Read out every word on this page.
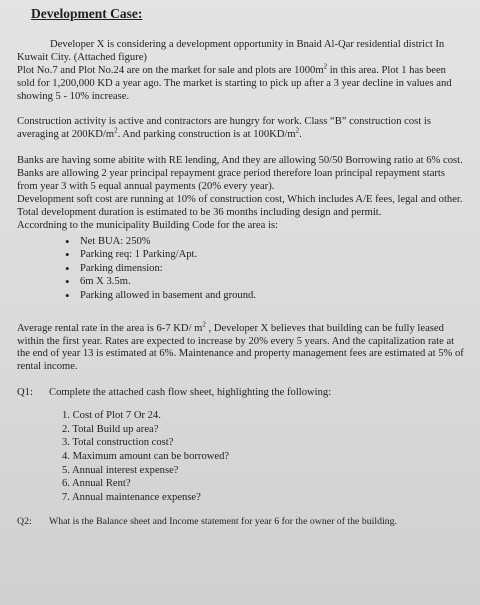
Development Case:

Developer X is considering a development opportunity in Bnaid Al-Qar residential district In Kuwait City. (Attached figure)

Plot No.7 and Plot No.24 are on the market for sale and plots are $1000m^2$ in this area. Plot 1 has been sold for 1,200,000 KD a year ago. The market is starting to pick up after a 3 year decline in values and showing 5 - 10% increase.

Construction activity is active and contractors are hungry for work. Class “B” construction cost is averaging at $200KD/m^2$. And parking construction is at $100KD/m^2$.

Banks are having some abitite with RE lending, And they are allowing 50/50 Borrowing ratio at 6% cost. Banks are allowing 2 year principal repayment grace period therefore loan principal repayment starts from year 3 with 5 equal annual payments (20% every year).

Development soft cost are running at 10% of construction cost, Which includes A/E fees, legal and other. Total development duration is estimated to be 36 months including design and permit.

Accordning to the municipality Building Code for the area is:

• Net BUA: 250%
• Parking req: 1 Parking/Apt.
• Parking dimension:
• 6m X 3.5m.
• Parking allowed in basement and ground.

Average rental rate in the area is 6-7 KD/ $m^2$ , Developer X believes that building can be fully leased within the first year. Rates are expected to increase by 20% every 5 years. And the capitalization rate at the end of year 13 is estimated at 6%. Maintenance and property management fees are estimated at 5% of rental income.

Q1:	Complete the attached cash flow sheet, highlighting the following:
1. Cost of Plot 7 Or 24.
2. Total Build up area?
3. Total construction cost?
4. Maximum amount can be borrowed?
5. Annual interest expense?
6. Annual Rent?
7. Annual maintenance expense?
Q2:	What is the Balance sheet and Income statement for year 6 for the owner of the building.
